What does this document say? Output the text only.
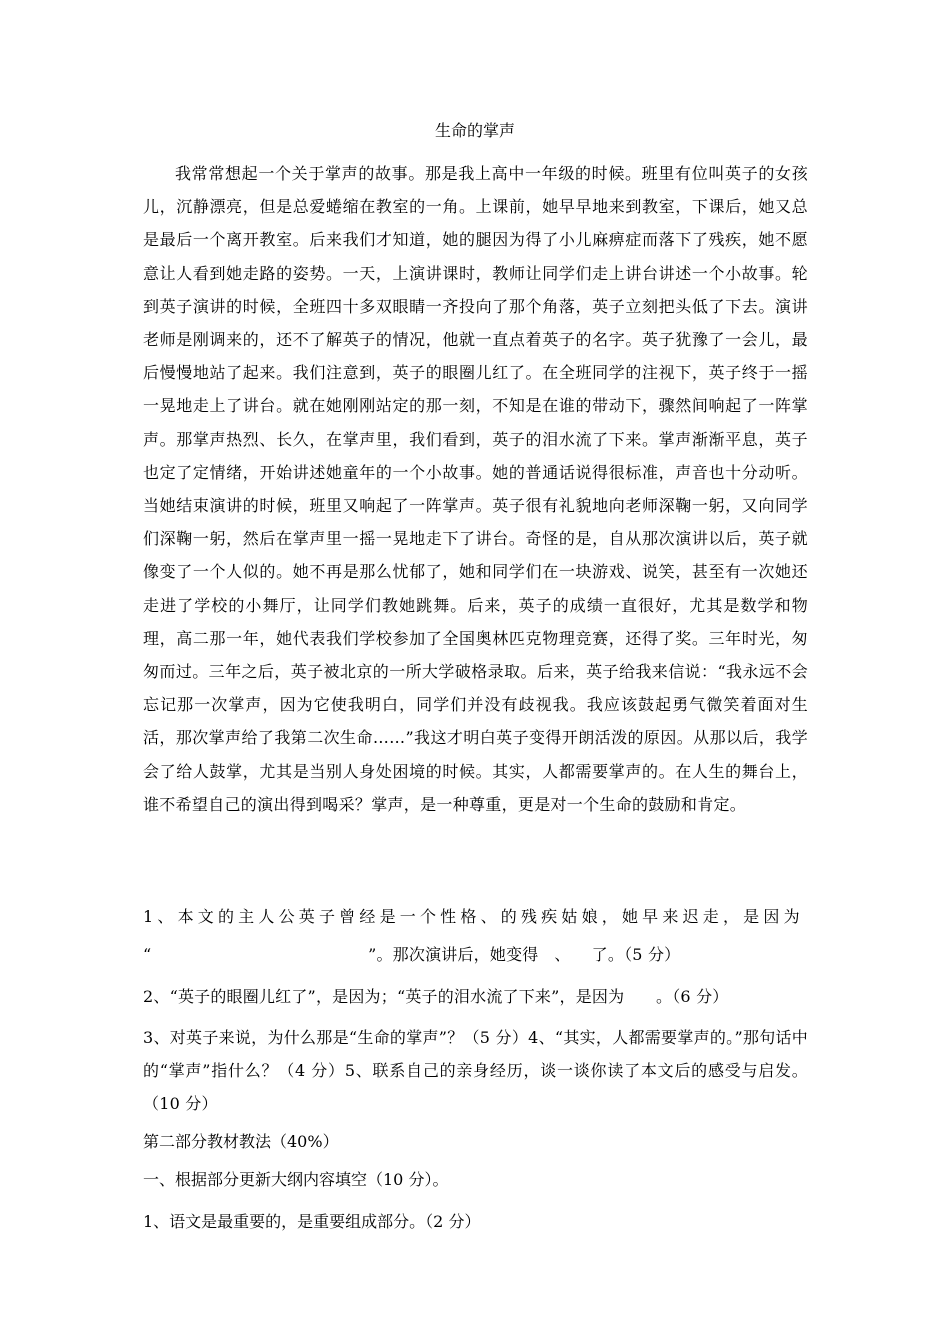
生命的掌声

我常常想起一个关于掌声的故事。那是我上高中一年级的时候。班里有位叫英子的女孩儿，沉静漂亮，但是总爱蜷缩在教室的一角。上课前，她早早地来到教室，下课后，她又总是最后一个离开教室。后来我们才知道，她的腿因为得了小儿麻痹症而落下了残疾，她不愿意让人看到她走路的姿势。一天，上演讲课时，教师让同学们走上讲台讲述一个小故事。轮到英子演讲的时候，全班四十多双眼睛一齐投向了那个角落，英子立刻把头低了下去。演讲老师是刚调来的，还不了解英子的情况，他就一直点着英子的名字。英子犹豫了一会儿，最后慢慢地站了起来。我们注意到，英子的眼圈儿红了。在全班同学的注视下，英子终于一摇一晃地走上了讲台。就在她刚刚站定的那一刻，不知是在谁的带动下，骤然间响起了一阵掌声。那掌声热烈、长久，在掌声里，我们看到，英子的泪水流了下来。掌声渐渐平息，英子也定了定情绪，开始讲述她童年的一个小故事。她的普通话说得很标准，声音也十分动听。当她结束演讲的时候，班里又响起了一阵掌声。英子很有礼貌地向老师深鞠一躬，又向同学们深鞠一躬，然后在掌声里一摇一晃地走下了讲台。奇怪的是，自从那次演讲以后，英子就像变了一个人似的。她不再是那么忧郁了，她和同学们在一块游戏、说笑，甚至有一次她还走进了学校的小舞厅，让同学们教她跳舞。后来，英子的成绩一直很好，尤其是数学和物理，高二那一年，她代表我们学校参加了全国奥林匹克物理竞赛，还得了奖。三年时光，匆匆而过。三年之后，英子被北京的一所大学破格录取。后来，英子给我来信说：“我永远不会忘记那一次掌声，因为它使我明白，同学们并没有歧视我。我应该鼓起勇气微笑着面对生活，那次掌声给了我第二次生命……”我这才明白英子变得开朗活泼的原因。从那以后，我学会了给人鼓掌，尤其是当别人身处困境的时候。其实，人都需要掌声的。在人生的舞台上，谁不希望自己的演出得到喝采？掌声，是一种尊重，更是对一个生命的鼓励和肯定。

1、本文的主人公英子曾经是一个性格、的残疾姑娘，她早来迟走，是因为

“                                         ”。那次演讲后，她变得   、    了。（5 分）

2、“英子的眼圈儿红了”，是因为；“英子的泪水流了下来”，是因为      。（6 分）

3、对英子来说，为什么那是“生命的掌声”？（5 分）4、“其实，人都需要掌声的。”那句话中的“掌声”指什么？（4 分）5、联系自己的亲身经历，谈一谈你读了本文后的感受与启发。（10 分）

第二部分教材教法（40%）

一、根据部分更新大纲内容填空（10 分）。

1、语文是最重要的，是重要组成部分。（2 分）
